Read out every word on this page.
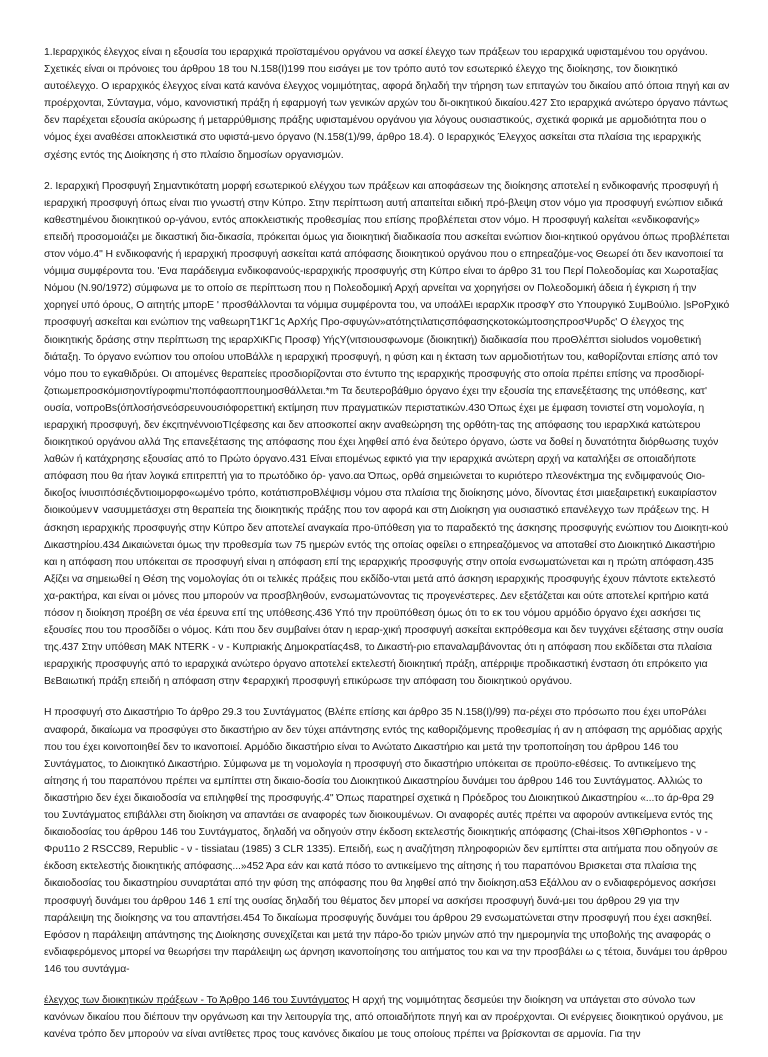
1.Ιεραρχικός έλεγχος είναι η εξουσία του ιεραρχικά προϊσταμένου οργάνου να ασκεί έλεγχο των πράξεων του ιεραρχικά υφισταμένου του οργάνου. Σχετικές είναι οι πρόνοιες του άρθρου 18 του N.158(Ι)199 που εισάγει με τον τρόπο αυτό τον εσωτερικό έλεγχο της διοίκησης, τον διοικητικό αυτοέλεγχο. Ο ιεραρχικός έλεγχος είναι κατά κανόνα έλεγχος νομιμότητας, αφορά δηλαδή την τήρηση των επιταγών του δικαίου από όποια πηγή και αν προέρχονται, Σύνταγμα, νόμο, κανονιστική πράξη ή εφαρμογή των γενικών αρχών του δι-οικητικού δικαίου.427 Στο ιεραρχικά ανώτερο όργανο πάντως δεν παρέχεται εξουσία ακύρωσης ή μεταρρύθμισης πράξης υφισταμένου οργάνου για λόγους ουσιαστικούς, σχετικά φορικά με αρμοδιότητα που ο νόμος έχει αναθέσει αποκλειστικά στο υφιστά-μενο όργανο (N.158(1)/99, άρθρο 18.4). 0 Ιεραρχικός Έλεγχος ασκείται στα πλαίσια της ιεραρχικής σχέσης εντός της Διοίκησης ή στο πλαίσιο δημοσίων οργανισμών.

2. Ιεραρχική Προσφυγή Σημαντικότατη μορφή εσωτερικού ελέγχου των πράξεων και αποφάσεων της διοίκησης αποτελεί η ενδικοφανής προσφυγή ή ιεραρχική προσφυγή όπως είναι πιο γνωστή στην Κύπρο. Στην περίπτωση αυτή απαιτείται ειδική πρό-βλεψη στον νόμο για προσφυγή ενώπιον ειδικά καθεστημένου διοικητικού ορ-γάνου, εντός αποκλειστικής προθεσμίας που επίσης προβλέπεται στον νόμο. Η προσφυγή καλείται «ενδικοφανής» επειδή προσομοιάζει με δικαστική δια-δικασία, πρόκειται όμως για διοικητική διαδικασία που ασκείται ενώπιον διοι-κητικού οργάνου όπως προβλέπεται στον νόμο.4" Η ενδικοφανής ή ιεραρχική προσφυγή ασκείται κατά απόφασης διοικητικού οργάνου που ο επηρεαζόμε-νος Θεωρεί ότι δεν ικανοποιεί τα νόμιμα συμφέροντα του. 'Ενα παράδειγμα ενδικοφανούς-ιεραρχικής προσφυγής στη Κύπρο είναι το άρθρο 31 του Περί Πολεοδομίας και Χωροταξίας Νόμου (N.90/1972) σύμφωνα με το οποίο σε περίπτωση που η Πολεοδομική Αρχή αρνείται να χορηγήσει ον Πολεοδομική άδεια ή έγκριση ή την χορηγεί υπό όρους, Ο αιτητής μπορΕ ' προσθάλλονται τα νόμιμα συμφέροντα του, να υποάλΕι ιεραρΧικ ιτροσφΥ στο Υπουργικό ΣυμΒούλιο. |sPoΡχικό προσφυγή ασκείται και ενώπιον της ναθεωρηΤ1ΚΓ1ς ΑρΧής Προ-σφυγών»ατότηςτιλατιςσπόφασηςκοτοκώμτοσηςπροσΨυρδς' Ο έλεγχος της διοικητικής δράσης στην περίπτωση της ιεραρΧιΚΓις Προσφ) ΥήςΥ(νιτσιουσφωνομε (διοικητική) διαδικασία που προΘλέπτσι siοlυdos νομοθετική διάταξη. Το όργανο ενώπιον του οποίου υποΒάλλε η ιεραρχική προσφυγή, η φύση και η έκταση των αρμοδιοτήτων του, καθορίζονται επίσης από τον νόμο που το εγκαθιδρύει. Οι απομένες θεραπείες ιτροσδιορίζονται στο έντυπο της ιεραρχικής προσφυγής στο οποία πρέπει επίσης να προσδιορί-ζοτιωμεπροσκόμισηοντίγροφmu'ποπόφαοππουημοσθάλλεται.*m Τα δευτεροβάθμιο όργανο έχει την εξουσία της επανεξέτασης της υπόθεσης, κατ' ουσία, νοπροΒs(όπλοσήσνεόσρευνουσιόφορεττική εκτίμηση πυν πραγματικών περιστατικών.430 Όπως έχει με έμφαση τονιστεί στη νομολογία, η ιεραρχική προσφυγή, δεν έκςιτηνέννοιοΤΙςέφεσης και δεν αποσκοπεί ακην αναθεώρηση της ορθότη-τας της απόφασης του ιεραρΧικά κατώτερου διοικητικού οργάνου αλλά Της επανεξέτασης της απόφασης που έχει ληφθεί από ένα δεύτερο όργανο, ώστε να δοθεί η δυνατότητα διόρθωσης τυχόν λαθών ή κατάχρησης εξουσίας από το Πρώτο όργανο.431 Είναι επομένως εφικτό για την ιεραρχικά ανώτερη αρχή να καταλήξει σε οποιαδήποτε απόφαση που θα ήταν λογικά επιτρεπτή για το πρωτόδικο όρ- γανο.αα Όπως, ορθά σημειώνεται το κυριότερο πλεονέκτημα της ενδιμφανούς Οιο-δικο[ος ίνιυσιπόσιέςδντιοιμορφο«ωμένο τρόπο, κοτάτισπροΒλέψισμ νόμου στα πλαίσια της διοίκησης μόνο, δίνοντας έτσι μιαεξαιρετική ευκαιρίαστον διοικούμεν∨ νασυμμετάσχει στη θεραπεία της διοικητικής πράξης που τον αφορά και στη Διοίκηση για ουσιαστικό επανέλεγχο των πράξεων της. Η άσκηση ιεραρχικής προσφυγής στην Κύπρο δεν αποτελεί αναγκαία προ-ϋπόθεση για το παραδεκτό της άσκησης προσφυγής ενώπιον του Διοικητι-κού Δικαστηρίου.434 Δικαιώνεται όμως την προθεσμία των 75 ημερών εντός της οποίας οφείλει ο επηρεαζόμενος να αποταθεί στο Διοικητικό Δικαστήριο και η απόφαση που υπόκειται σε προσφυγή είναι η απόφαση επί της ιεραρχικής προσφυγής στην οποία ενσωματώνεται και η πρώτη απόφαση.435 Αξίζει να σημειωθεί η Θέση της νομολογίας ότι οι τελικές πράξεις που εκδίδο-νται μετά από άσκηση ιεραρχικής προσφυγής έχουν πάντοτε εκτελεστό χα-ρακτήρα, και είναι οι μόνες που μπορούν να προσβληθούν, ενσωματώνοντας τις προγενέστερες. Δεν εξετάζεται και ούτε αποτελεί κριτήριο κατά πόσον η διοίκηση προέβη σε νέα έρευνα επί της υπόθεσης.436 Υπό την προϋπόθεση όμως ότι το εκ του νόμου αρμόδιο όργανο έχει ασκήσει τις εξουσίες που του προσδίδει ο νόμος. Κάτι που δεν συμβαίνει όταν η ιεραρ-χική προσφυγή ασκείται εκπρόθεσμα και δεν τυγχάνει εξέτασης στην ουσία της.437 Στην υπόθεση ΜΑΚ ΝΤΕRK - ν - Κυπριακής Δημοκρατίας4s8, το Δικαστή-ριο επαναλαμβάνοντας ότι η απόφαση που εκδίδεται στα πλαίσια ιεραρχικής προσφυγής από το ιεραρχικά ανώτερο όργανο αποτελεί εκτελεστή διοικητική πράξη, απέρριψε προδικαστική ένσταση ότι επρόκειτο για ΒεΒαιωτική πράξη επειδή η απόφαση στην ¢εραρχική προσφυγή επικύρωσε την απόφαση του διοικητικού οργάνου.

Η προσφυγή στο Δικαστήριο Το άρθρο 29.3 του Συντάγματος (Βλέπε επίσης και άρθρο 35 N.158(Ι)/99) πα-ρέχει στο πρόσωπο που έχει υποΡάλει αναφορά, δικαίωμα να προσφύγει στο δικαστήριο αν δεν τύχει απάντησης εντός της καθοριζόμενης προθεσμίας ή αν η απόφαση της αρμόδιας αρχής που του έχει κοινοποιηθεί δεν το ικανοποιεί. Αρμόδιο δικαστήριο είναι το Ανώτατο Δικαστήριο και μετά την τροποποίηση του άρθρου 146 του Συντάγματος, το Διοικητικό Δικαστήριο. Σύμφωνα με τη νομολογία η προσφυγή στο δικαστήριο υπόκειται σε προϋπο-εθέσεις. Το αντικείμενο της αίτησης ή του παραπόνου πρέπει να εμπίπτει στη δικαιο-δοσία του Διοικητικού Δικαστηρίου δυνάμει του άρθρου 146 του Συντάγματος. Αλλιώς το δικαστήριο δεν έχει δικαιοδοσία να επιληφθεί της προσφυγής.4" Όπως παρατηρεί σχετικά η Πρόεδρος του Διοικητικού Δικαστηρίου «...το άρ-θρα 29 του Συντάγματος επιβάλλει στη διοίκηση να απαντάει σε αναφορές των διοικουμένων. Οι αναφορές αυτές πρέπει να αφορούν αντικείμενα εντός της δικαιοδοσίας του άρθρου 146 του Συντάγματος, δηλαδή να οδηγούν στην έκδοση εκτελεστής διοικητικής απόφασης (Chai-itsos ΧθΓιΘphontos - ν - Φρυ11ο 2 RSCC89, Republic - ν - tissiatau (1985) 3 CLR 1335). Επειδή, εως η αναζήτηση πληροφοριών δεν εμπίπτει στα αιτήματα που οδηγούν σε έκδοση εκτελεστής διοικητικής απόφασης...»452 Άρα εάν και κατά πόσο το αντικείμενο της αίτησης ή του παραπόνου Βρισκεται στα πλαίσια της δικαιοδοσίας του δικαστηρίου συναρτάται από την φύση της απόφασης που θα ληφθεί από την διοίκηση.α53 Εξάλλου αν ο ενδιαφερόμενος ασκήσει προσφυγή δυνάμει του άρθρου 146 1 επί της ουσίας δηλαδή του θέματος δεν μπορεί να ασκήσει προσφυγή δυνά-μει του άρθρου 29 για την παράλειψη της διοίκησης να του απαντήσει.454 Το δικαίωμα προσφυγής δυνάμει του άρθρου 29 ενσωματώνεται στην προσφυγή που έχει ασκηθεί. Εφόσον η παράλειψη απάντησης της Διοίκησης συνεχίζεται και μετά την πάρο-δο τριών μηνών από την ημερομηνία της υποβολής της αναφοράς ο ενδιαφερόμενος μπορεί να θεωρήσει την παράλειψη ως άρνηση ικανοποίησης του αιτήματος του και να την προσβάλει ω ς τέτοια, δυνάμει του άρθρου 146 του συντάγμα-

έλεγχος των διοικητικών πράξεων - Το Άρθρο 146 του Συντάγματος Η αρχή της νομιμότητας δεσμεύει την διοίκηση να υπάγεται στο σύνολο των κανόνων δικαίου που διέπουν την οργάνωση και την λειτουργία της, από οποιαδήποτε πηγή και αν προέρχονται. Οι ενέργειες διοικητικού οργάνου, με κανένα τρόπο δεν μπορούν να είναι αντίθετες προς τους κανόνες δικαίου με τους οποίους πρέπει να βρίσκονται σε αρμονία. Για την
